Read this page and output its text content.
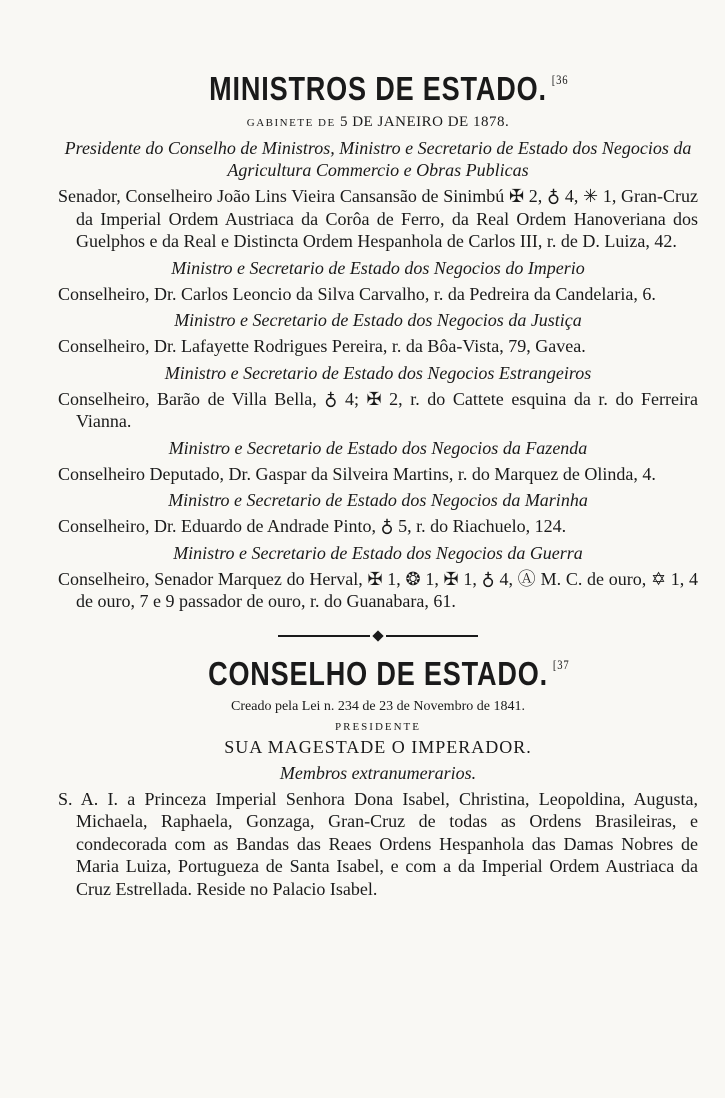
MINISTROS DE ESTADO. [36
GABINETE DE 5 DE JANEIRO DE 1878.
Presidente do Conselho de Ministros, Ministro e Secretario de Estado dos Negocios da Agricultura Commercio e Obras Publicas
Senador, Conselheiro João Lins Vieira Cansansão de Sinimbú ✠ 2, ♁ 4, ✳ 1, Gran-Cruz da Imperial Ordem Austriaca da Corôa de Ferro, da Real Ordem Hanoveriana dos Guelphos e da Real e Distincta Ordem Hespanhola de Carlos III, r. de D. Luiza, 42.
Ministro e Secretario de Estado dos Negocios do Imperio
Conselheiro, Dr. Carlos Leoncio da Silva Carvalho, r. da Pedreira da Candelaria, 6.
Ministro e Secretario de Estado dos Negocios da Justiça
Conselheiro, Dr. Lafayette Rodrigues Pereira, r. da Bôa-Vista, 79, Gavea.
Ministro e Secretario de Estado dos Negocios Estrangeiros
Conselheiro, Barão de Villa Bella, ♁ 4; ✠ 2, r. do Cattete esquina da r. do Ferreira Vianna.
Ministro e Secretario de Estado dos Negocios da Fazenda
Conselheiro Deputado, Dr. Gaspar da Silveira Martins, r. do Marquez de Olinda, 4.
Ministro e Secretario de Estado dos Negocios da Marinha
Conselheiro, Dr. Eduardo de Andrade Pinto, ♁ 5, r. do Riachuelo, 124.
Ministro e Secretario de Estado dos Negocios da Guerra
Conselheiro, Senador Marquez do Herval, ✠ 1, ❂ 1, ✠ 1, ♁ 4, Ⓐ M. C. de ouro, ✡ 1, 4 de ouro, 7 e 9 passador de ouro, r. do Guanabara, 61.
CONSELHO DE ESTADO. [37
Creado pela Lei n. 234 de 23 de Novembro de 1841.
PRESIDENTE
SUA MAGESTADE O IMPERADOR.
Membros extranumerarios.
S. A. I. a Princeza Imperial Senhora Dona Isabel, Christina, Leopoldina, Augusta, Michaela, Raphaela, Gonzaga, Gran-Cruz de todas as Ordens Brasileiras, e condecorada com as Bandas das Reaes Ordens Hespanhola das Damas Nobres de Maria Luiza, Portugueza de Santa Isabel, e com a da Imperial Ordem Austriaca da Cruz Estrellada. Reside no Palacio Isabel.
